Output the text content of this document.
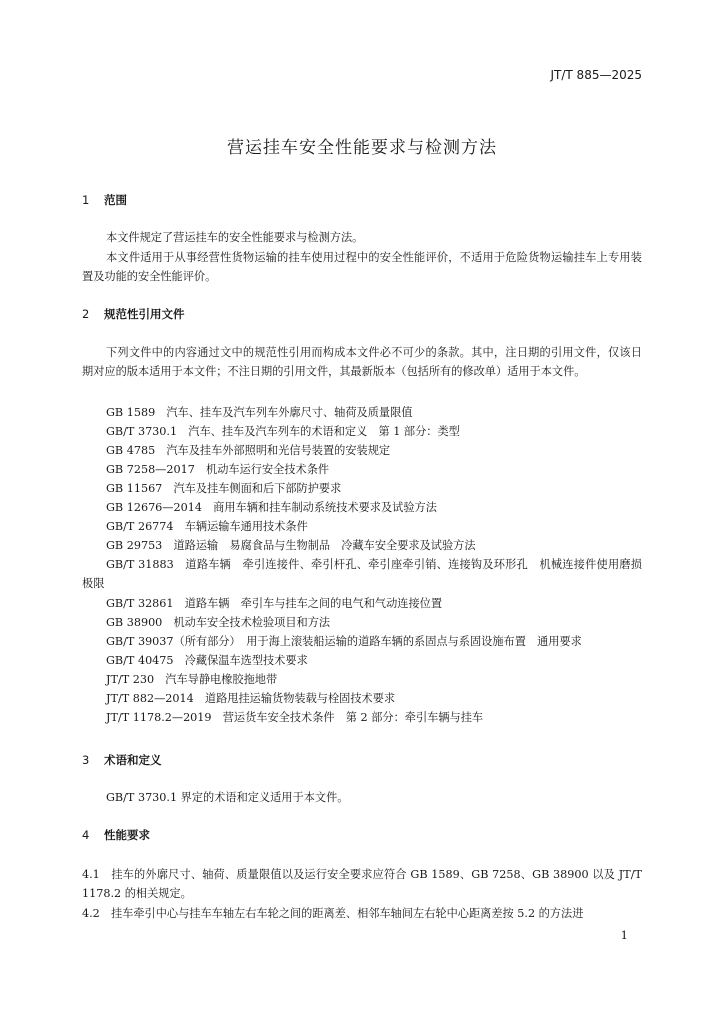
JT/T 885—2025
营运挂车安全性能要求与检测方法
1 范围
本文件规定了营运挂车的安全性能要求与检测方法。
本文件适用于从事经营性货物运输的挂车使用过程中的安全性能评价，不适用于危险货物运输挂车上专用装置及功能的安全性能评价。
2 规范性引用文件
下列文件中的内容通过文中的规范性引用而构成本文件必不可少的条款。其中，注日期的引用文件，仅该日期对应的版本适用于本文件；不注日期的引用文件，其最新版本（包括所有的修改单）适用于本文件。
GB 1589　汽车、挂车及汽车列车外廓尺寸、轴荷及质量限值
GB/T 3730.1　汽车、挂车及汽车列车的术语和定义　第 1 部分：类型
GB 4785　汽车及挂车外部照明和光信号装置的安装规定
GB 7258—2017　机动车运行安全技术条件
GB 11567　汽车及挂车侧面和后下部防护要求
GB 12676—2014　商用车辆和挂车制动系统技术要求及试验方法
GB/T 26774　车辆运输车通用技术条件
GB 29753　道路运输　易腐食品与生物制品　冷藏车安全要求及试验方法
GB/T 31883　道路车辆　牵引连接件、牵引杆孔、牵引座牵引销、连接钩及环形孔　机械连接件使用磨损极限
GB/T 32861　道路车辆　牵引车与挂车之间的电气和气动连接位置
GB 38900　机动车安全技术检验项目和方法
GB/T 39037（所有部分）　用于海上滚装船运输的道路车辆的系固点与系固设施布置　通用要求
GB/T 40475　冷藏保温车选型技术要求
JT/T 230　汽车导静电橡胶拖地带
JT/T 882—2014　道路甩挂运输货物装载与栓固技术要求
JT/T 1178.2—2019　营运货车安全技术条件　第 2 部分：牵引车辆与挂车
3 术语和定义
GB/T 3730.1 界定的术语和定义适用于本文件。
4 性能要求
4.1　挂车的外廓尺寸、轴荷、质量限值以及运行安全要求应符合 GB 1589、GB 7258、GB 38900 以及 JT/T 1178.2 的相关规定。
4.2　挂车牵引中心与挂车车轴左右车轮之间的距离差、相邻车轴间左右轮中心距离差按 5.2 的方法进
1
